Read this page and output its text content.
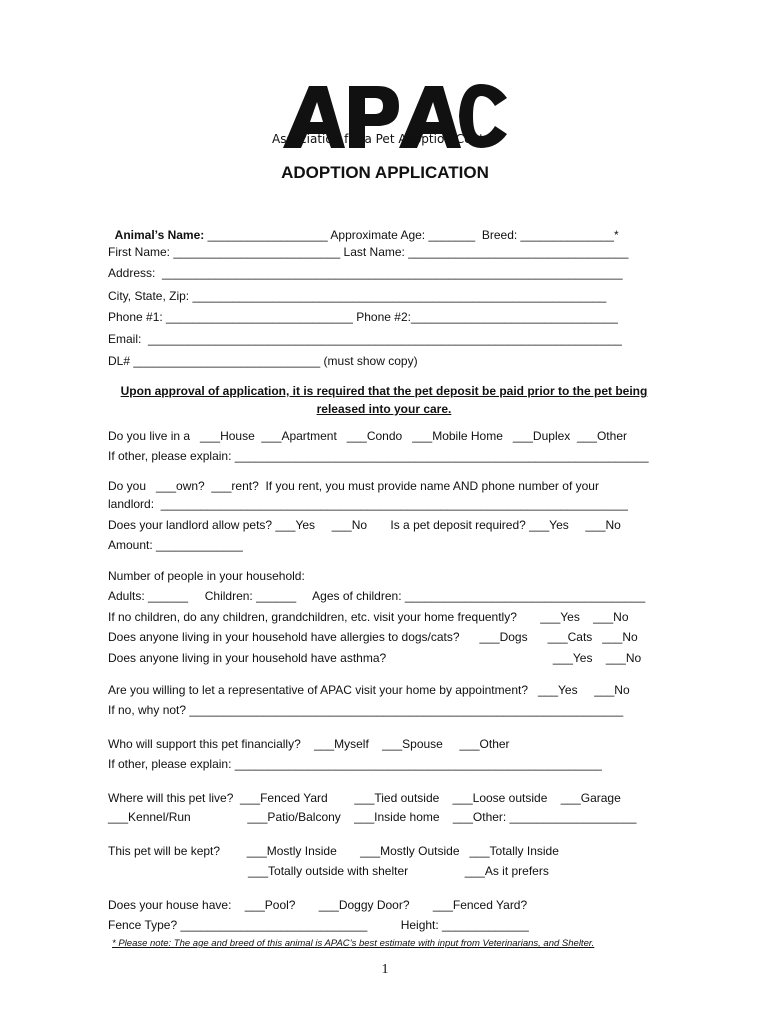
Association for a Pet Adoption Center

ADOPTION APPLICATION

Animal’s Name: __________________ Approximate Age: _______  Breed: ______________*

First Name: _________________________ Last Name: _________________________________
Address:  _____________________________________________________________________
City, State, Zip: ______________________________________________________________
Phone #1: ____________________________ Phone #2:_______________________________
Email:  _______________________________________________________________________
DL# ____________________________ (must show copy)
Upon approval of application, it is required that the pet deposit be paid prior to the pet being released into your care.
Do you live in a   ___House  ___Apartment   ___Condo   ___Mobile Home   ___Duplex  ___Other
If other, please explain: ______________________________________________________________
Do you   ___own?  ___rent?  If you rent, you must provide name AND phone number of your
landlord:  ______________________________________________________________________
Does your landlord allow pets? ___Yes     ___No       Is a pet deposit required? ___Yes     ___No
Amount: _____________
Number of people in your household:
Adults: ______     Children: ______     Ages of children: ____________________________________
If no children, do any children, grandchildren, etc. visit your home frequently?       ___Yes    ___No
Does anyone living in your household have allergies to dogs/cats?      ___Dogs      ___Cats   ___No
Does anyone living in your household have asthma?                                                  ___Yes    ___No
Are you willing to let a representative of APAC visit your home by appointment?   ___Yes     ___No
If no, why not? _________________________________________________________________
Who will support this pet financially?    ___Myself    ___Spouse     ___Other
If other, please explain: _______________________________________________________
Where will this pet live?  ___Fenced Yard        ___Tied outside    ___Loose outside    ___Garage
___Kennel/Run                 ___Patio/Balcony    ___Inside home    ___Other: ___________________
This pet will be kept?        ___Mostly Inside       ___Mostly Outside   ___Totally Inside
___Totally outside with shelter                 ___As it prefers
Does your house have:    ___Pool?       ___Doggy Door?       ___Fenced Yard?
Fence Type? ____________________________          Height: _____________
* Please note: The age and breed of this animal is APAC’s best estimate with input from Veterinarians, and Shelter.
1
